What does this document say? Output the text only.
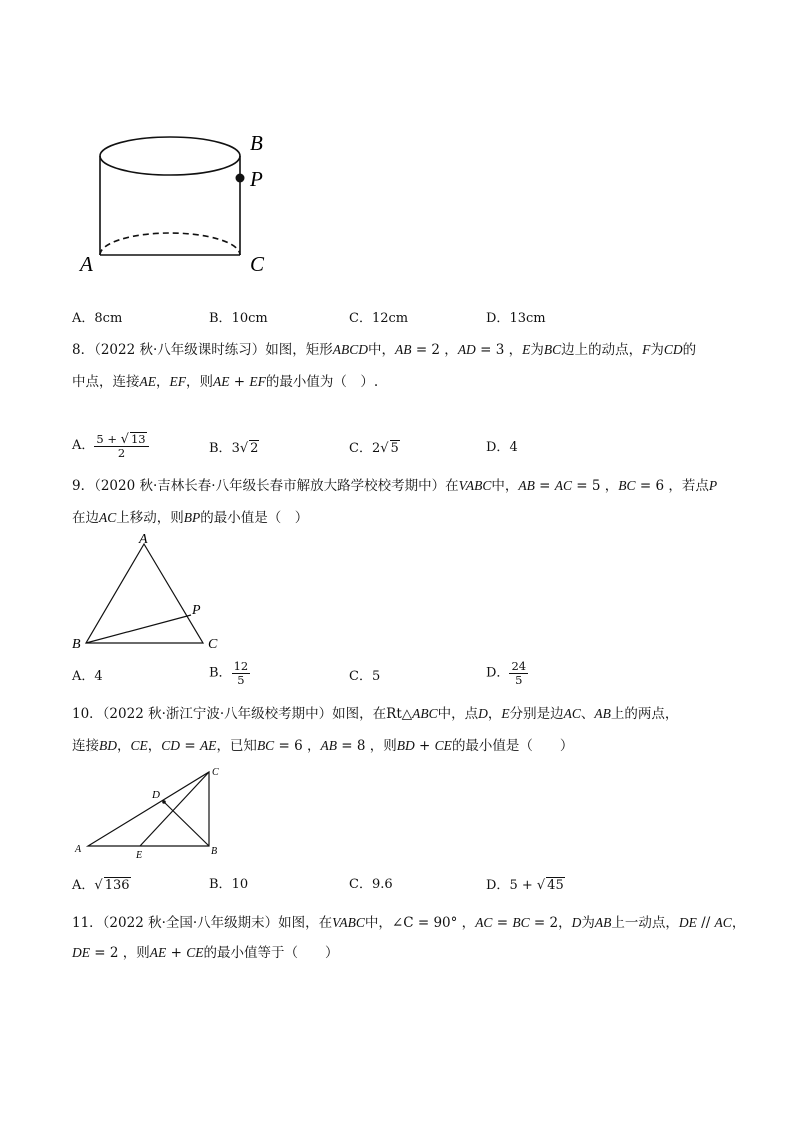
B
P
A	C
A．8cm	B．10cm	C．12cm	D．13cm
8．（2022 秋·八年级课时练习）如图，矩形ABCD中，AB = 2 ，AD = 3 ，E为BC边上的动点，F为CD的
中点，连接AE，EF，则AE + EF的最小值为（　）.
A． $\frac{5 + √ 13}{2}$	B．3√ 2	C．2√ 5	D．4
9．（2020 秋·吉林长春·八年级长春市解放大路学校校考期中）在VABC中，AB = AC = 5 ，BC = 6 ，若点P
在边AC上移动，则BP的最小值是（　）
A
B	C
P
A．4	B． $\frac{12}{5}$	C．5	D． $\frac{24}{5}$
10．（2022 秋·浙江宁波·八年级校考期中）如图，在Rt△ABC中，点D，E分别是边AC、AB上的两点，
连接BD，CE，CD = AE，已知BC = 6 ，AB = 8 ，则BD + CE的最小值是（　　）
C
D
A
E	B
A．√ 136	B．10	C．9.6	D．5 + √ 45
11．（2022 秋·全国·八年级期末）如图，在VABC中，∠C = 90° ，AC = BC = 2，D为AB上一动点，DE // AC，
DE = 2 ，则AE + CE的最小值等于（　　）
